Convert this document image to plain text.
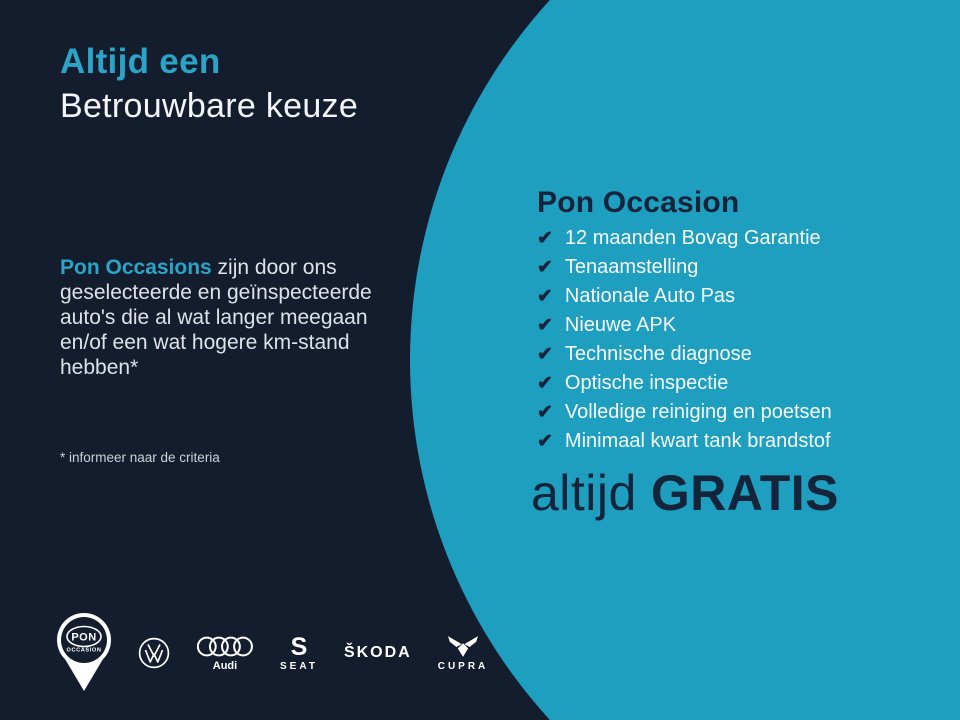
Altijd een
Betrouwbare keuze
Pon Occasions zijn door ons
geselecteerde en geïnspecteerde
auto's die al wat langer meegaan
en/of een wat hogere km-stand
hebben*
* informeer naar de criteria
Pon Occasion
✔ 12 maanden Bovag Garantie
✔ Tenaamstelling
✔ Nationale Auto Pas
✔ Nieuwe APK
✔ Technische diagnose
✔ Optische inspectie
✔ Volledige reiniging en poetsen
✔ Minimaal kwart tank brandstof
altijd GRATIS
PON
OCCASION
Audi
S
SEAT
ŠKODA
CUPRA
